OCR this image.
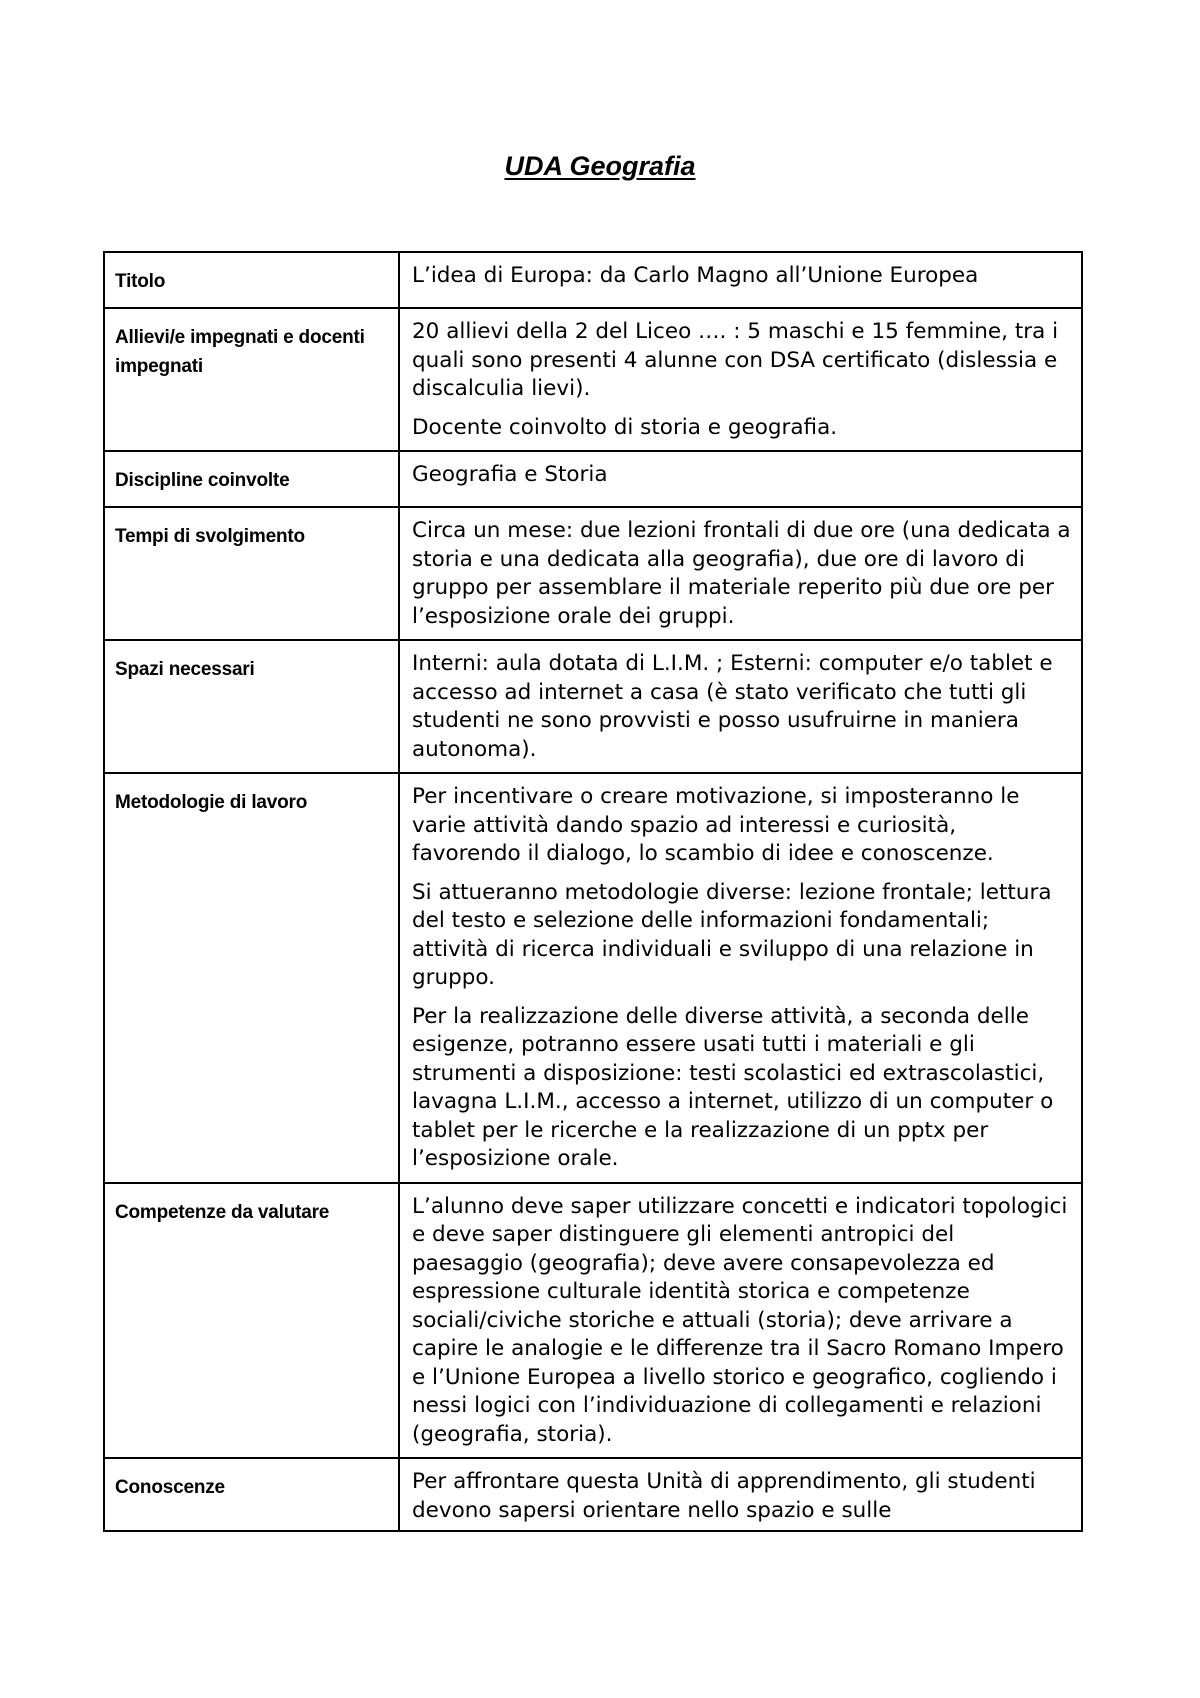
UDA Geografia
Titolo	L’idea di Europa: da Carlo Magno all’Unione Europea

Allievi/e impegnati e docenti impegnati	20 allievi della 2 del Liceo …. : 5 maschi e 15 femmine, tra i quali sono presenti 4 alunne con DSA certificato (dislessia e discalculia lievi).

Docente coinvolto di storia e geografia.

Discipline coinvolte	Geografia e Storia

Tempi di svolgimento	Circa un mese: due lezioni frontali di due ore (una dedicata a storia e una dedicata alla geografia), due ore di lavoro di gruppo per assemblare il materiale reperito più due ore per l’esposizione orale dei gruppi.

Spazi necessari	Interni: aula dotata di L.I.M. ; Esterni: computer e/o tablet e accesso ad internet a casa (è stato verificato che tutti gli studenti ne sono provvisti e posso usufruirne in maniera autonoma).

Metodologie di lavoro	Per incentivare o creare motivazione, si imposteranno le varie attività dando spazio ad interessi e curiosità, favorendo il dialogo, lo scambio di idee e conoscenze.

Si attueranno metodologie diverse: lezione frontale; lettura del testo e selezione delle informazioni fondamentali; attività di ricerca individuali e sviluppo di una relazione in gruppo.

Per la realizzazione delle diverse attività, a seconda delle esigenze, potranno essere usati tutti i materiali e gli strumenti a disposizione: testi scolastici ed extrascolastici, lavagna L.I.M., accesso a internet, utilizzo di un computer o tablet per le ricerche e la realizzazione di un pptx per l’esposizione orale.

Competenze da valutare	L’alunno deve saper utilizzare concetti e indicatori topologici e deve saper distinguere gli elementi antropici del paesaggio (geografia); deve avere consapevolezza ed espressione culturale identità storica e competenze sociali/civiche storiche e attuali (storia); deve arrivare a capire le analogie e le differenze tra il Sacro Romano Impero e l’Unione Europea a livello storico e geografico, cogliendo i nessi logici con l’individuazione di collegamenti e relazioni (geografia, storia).

Conoscenze	Per affrontare questa Unità di apprendimento, gli studenti devono sapersi orientare nello spazio e sulle
